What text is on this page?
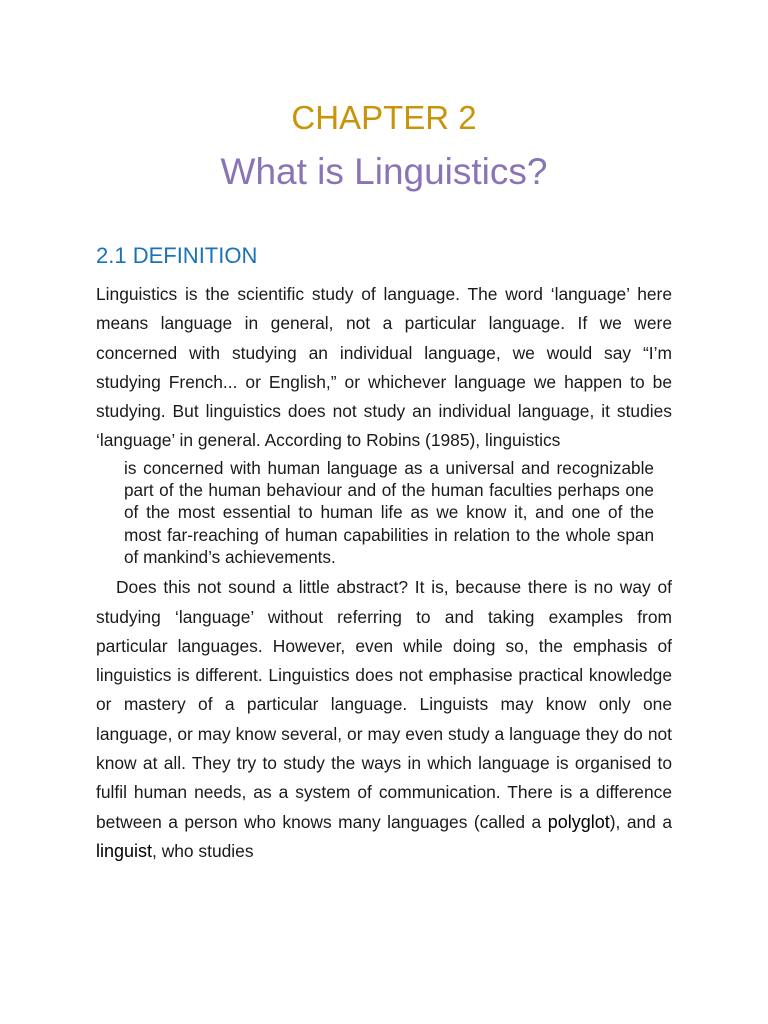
CHAPTER 2
What is Linguistics?
2.1 DEFINITION

Linguistics is the scientific study of language. The word ‘language’ here means language in general, not a particular language. If we were concerned with studying an individual language, we would say “I’m studying French... or English,” or whichever language we happen to be studying. But linguistics does not study an individual language, it studies ‘language’ in general. According to Robins (1985), linguistics

is concerned with human language as a universal and recognizable part of the human behaviour and of the human faculties perhaps one of the most essential to human life as we know it, and one of the most far-reaching of human capabilities in relation to the whole span of mankind’s achievements.

Does this not sound a little abstract? It is, because there is no way of studying ‘language’ without referring to and taking examples from particular languages. However, even while doing so, the emphasis of linguistics is different. Linguistics does not emphasise practical knowledge or mastery of a particular language. Linguists may know only one language, or may know several, or may even study a language they do not know at all. They try to study the ways in which language is organised to fulfil human needs, as a system of communication. There is a difference between a person who knows many languages (called a polyglot), and a linguist, who studies
